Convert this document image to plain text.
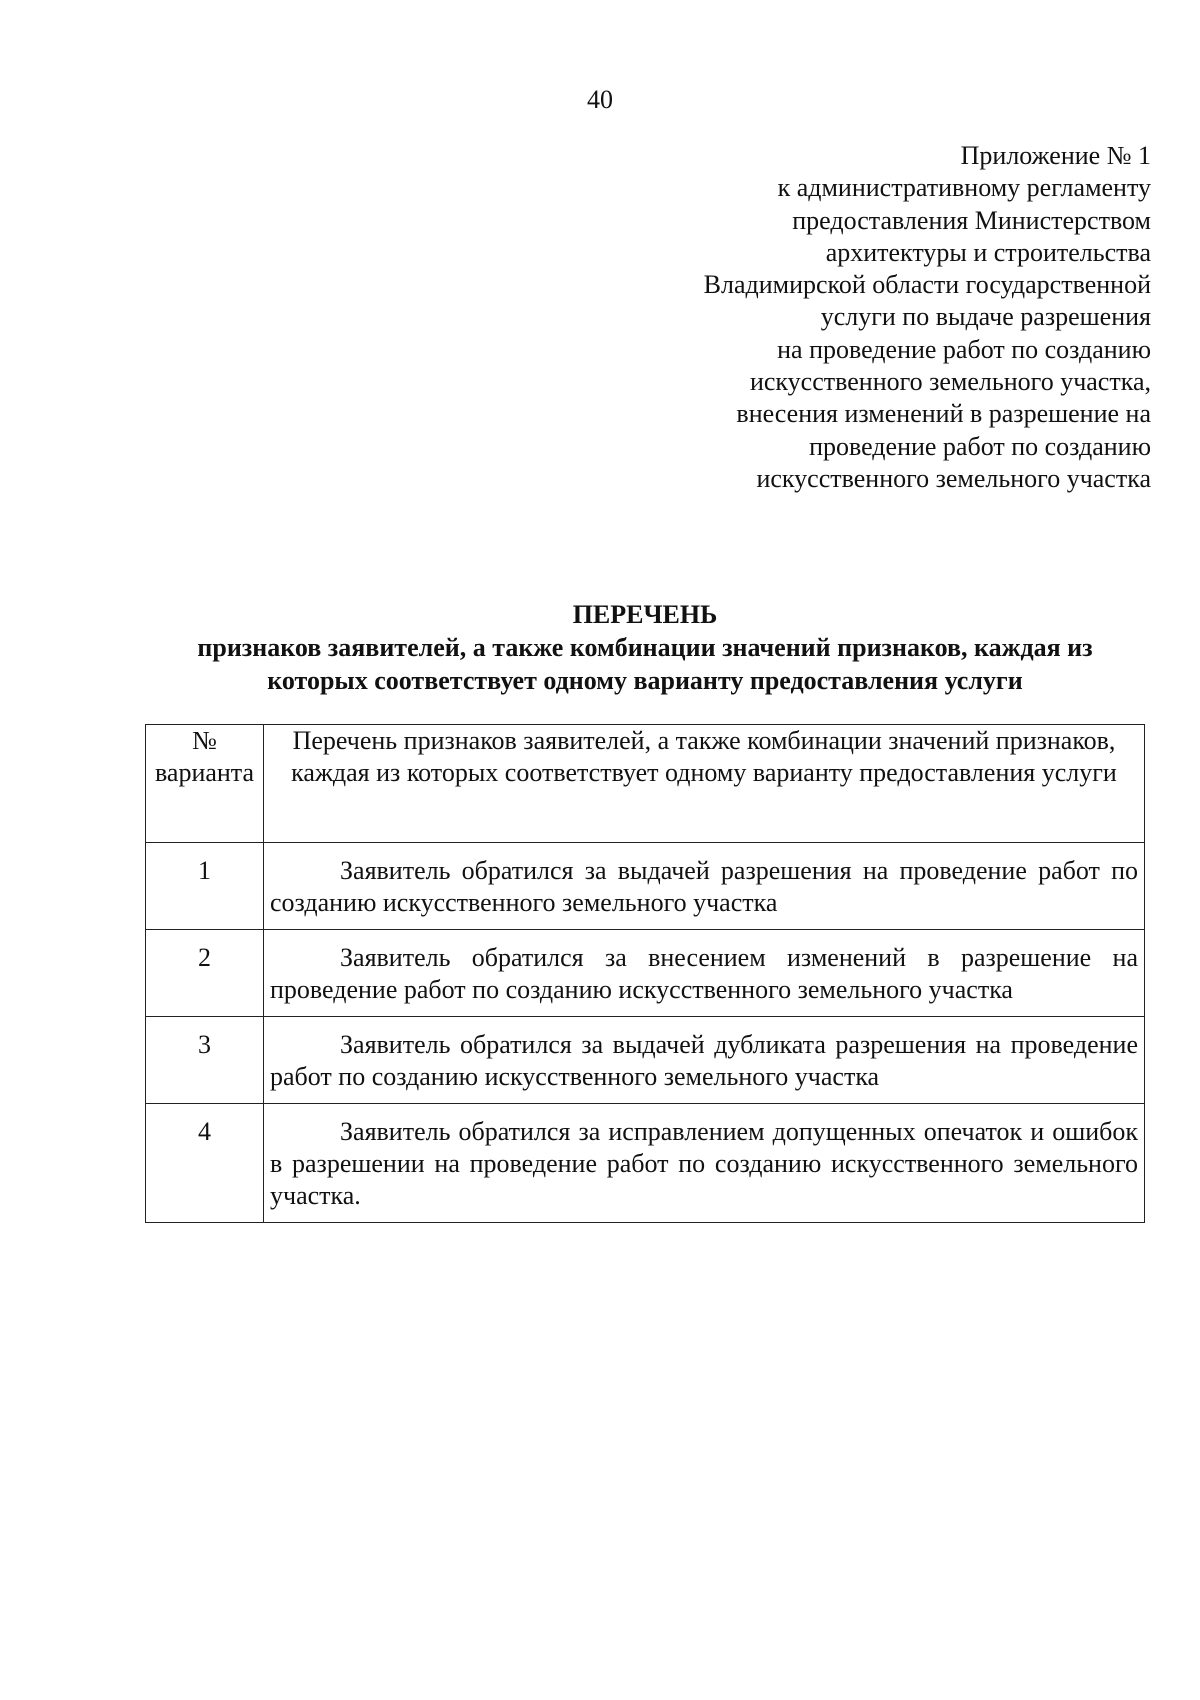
40
Приложение № 1
к административному регламенту
предоставления Министерством
архитектуры и строительства
Владимирской области государственной
услуги по выдаче разрешения
на проведение работ по созданию
искусственного земельного участка,
внесения изменений в разрешение на
проведение работ по созданию
искусственного земельного участка
ПЕРЕЧЕНЬ
признаков заявителей, а также комбинации значений признаков, каждая из
которых соответствует одному варианту предоставления услуги
№
варианта	Перечень признаков заявителей, а также комбинации значений признаков, каждая из которых соответствует одному варианту предоставления услуги
1	Заявитель обратился за выдачей разрешения на проведение работ по созданию искусственного земельного участка

2	Заявитель обратился за внесением изменений в разрешение на проведение работ по созданию искусственного земельного участка

3	Заявитель обратился за выдачей дубликата разрешения на проведение работ по созданию искусственного земельного участка

4	Заявитель обратился за исправлением допущенных опечаток и ошибок в разрешении на проведение работ по созданию искусственного земельного участка.
